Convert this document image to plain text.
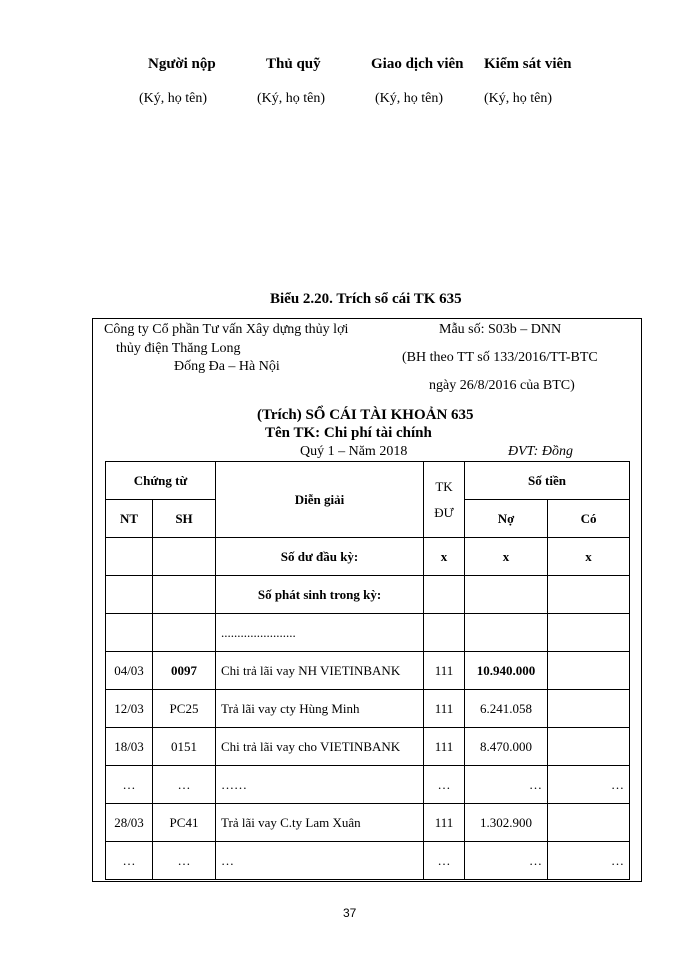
Người nộp	Thủ quỹ	Giao dịch viên Kiểm sát viên
(Ký, họ tên)	(Ký, họ tên)	(Ký, họ tên)	(Ký, họ tên)
Biểu 2.20. Trích sổ cái TK 635
Công ty Cổ phần Tư vấn Xây dựng thủy lợi
thủy điện Thăng Long
Đống Đa – Hà Nội
Mẫu số: S03b – DNN
(BH theo TT số 133/2016/TT-BTC
ngày 26/8/2016 của BTC)
(Trích) SỔ CÁI TÀI KHOẢN 635
Tên TK: Chi phí tài chính
Quý 1 – Năm 2018	ĐVT: Đồng
Chứng từ		Diễn giải	TK ĐƯ	Số tiền	
NT	SH			Nợ	Có
		Số dư đầu kỳ:	x	x	x
		Số phát sinh trong kỳ:			
		.......................			
04/03	0097	Chi trả lãi vay NH VIETINBANK	111	10.940.000	
12/03	PC25	Trả lãi vay cty Hùng Minh	111	6.241.058	
18/03	0151	Chi trả lãi vay cho VIETINBANK	111	8.470.000	
…	…	……	…	…	…
28/03	PC41	Trả lãi vay C.ty Lam Xuân	111	1.302.900	
…	…	…	…	…	…
37
